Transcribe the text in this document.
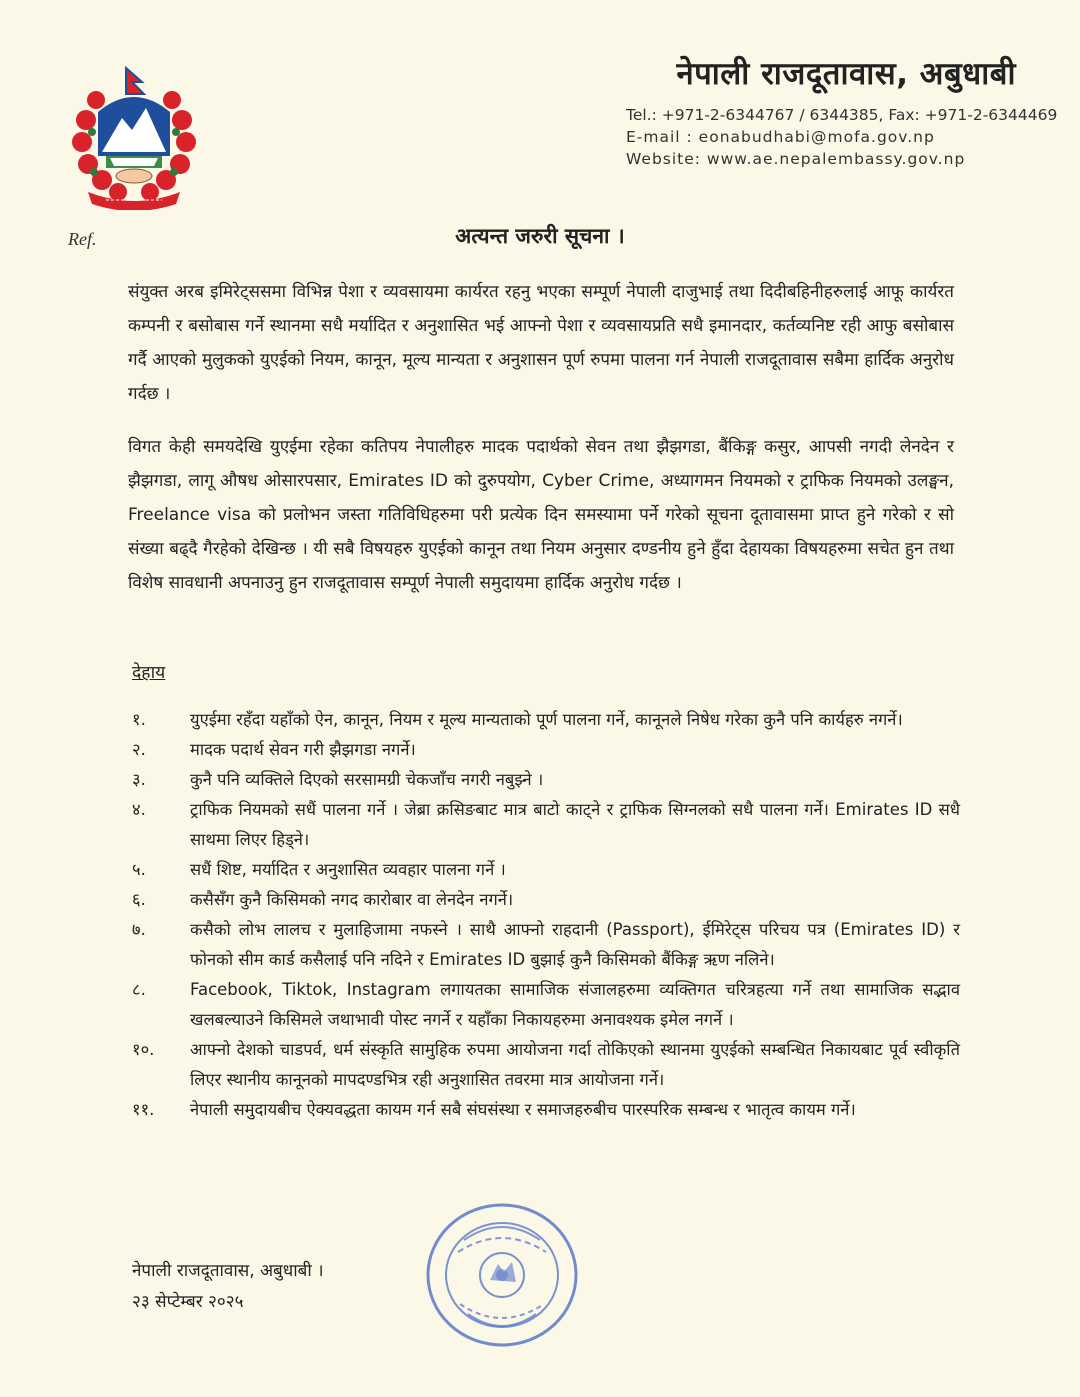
नेपाली राजदूतावास, अबुधाबी
Tel.: +971-2-6344767 / 6344385, Fax: +971-2-6344469
E-mail : eonabudhabi@mofa.gov.np
Website: www.ae.nepalembassy.gov.np
Ref.	अत्यन्त जरुरी सूचना ।
संयुक्त अरब इमिरेट्ससमा विभिन्न पेशा र व्यवसायमा कार्यरत रहनु भएका सम्पूर्ण नेपाली दाजुभाई तथा दिदीबहिनीहरुलाई आफू कार्यरत कम्पनी र बसोबास गर्ने स्थानमा सधै मर्यादित र अनुशासित भई आफ्नो पेशा र व्यवसायप्रति सधै इमानदार, कर्तव्यनिष्ट रही आफु बसोबास गर्दै आएको मुलुकको युएईको नियम, कानून, मूल्य मान्यता र अनुशासन पूर्ण रुपमा पालना गर्न नेपाली राजदूतावास सबैमा हार्दिक अनुरोध गर्दछ ।
विगत केही समयदेखि युएईमा रहेका कतिपय नेपालीहरु मादक पदार्थको सेवन तथा झैझगडा, बैंकिङ्ग कसुर, आपसी नगदी लेनदेन र झैझगडा, लागू औषध ओसारपसार, Emirates ID को दुरुपयोग, Cyber Crime, अध्यागमन नियमको र ट्राफिक नियमको उलङ्घन, Freelance visa को प्रलोभन जस्ता गतिविधिहरुमा परी प्रत्येक दिन समस्यामा पर्ने गरेको सूचना दूतावासमा प्राप्त हुने गरेको र सो संख्या बढ्दै गैरहेको देखिन्छ । यी सबै विषयहरु युएईको कानून तथा नियम अनुसार दण्डनीय हुने हुँदा देहायका विषयहरुमा सचेत हुन तथा विशेष सावधानी अपनाउनु हुन राजदूतावास सम्पूर्ण नेपाली समुदायमा हार्दिक अनुरोध गर्दछ ।
देहाय
१.	युएईमा रहँदा यहाँको ऐन, कानून, नियम र मूल्य मान्यताको पूर्ण पालना गर्ने, कानूनले निषेध गरेका कुनै पनि कार्यहरु नगर्ने।
२.	मादक पदार्थ सेवन गरी झैझगडा नगर्ने।
३.	कुनै पनि व्यक्तिले दिएको सरसामग्री चेकजाँच नगरी नबुझ्ने ।
४.	ट्राफिक नियमको सधैं पालना गर्ने । जेब्रा क्रसिङबाट मात्र बाटो काट्ने र ट्राफिक सिग्नलको सधै पालना गर्ने। Emirates ID सधै साथमा लिएर हिड्ने।
५.	सधैं शिष्ट, मर्यादित र अनुशासित व्यवहार पालना गर्ने ।
६.	कसैसँग कुनै किसिमको नगद कारोबार वा लेनदेन नगर्ने।
७.	कसैको लोभ लालच र मुलाहिजामा नफस्ने । साथै आफ्नो राहदानी (Passport), ईमिरेट्स परिचय पत्र (Emirates ID) र फोनको सीम कार्ड कसैलाई पनि नदिने र Emirates ID बुझाई कुनै किसिमको बैंकिङ्ग ऋण नलिने।
८.	Facebook, Tiktok, Instagram लगायतका सामाजिक संजालहरुमा व्यक्तिगत चरित्रहत्या गर्ने तथा सामाजिक सद्भाव खलबल्याउने किसिमले जथाभावी पोस्ट नगर्ने र यहाँका निकायहरुमा अनावश्यक इमेल नगर्ने ।
१०.	आफ्नो देशको चाडपर्व, धर्म संस्कृति सामुहिक रुपमा आयोजना गर्दा तोकिएको स्थानमा युएईको सम्बन्धित निकायबाट पूर्व स्वीकृति लिएर स्थानीय कानूनको मापदण्डभित्र रही अनुशासित तवरमा मात्र आयोजना गर्ने।
११.	नेपाली समुदायबीच ऐक्यवद्धता कायम गर्न सबै संघसंस्था र समाजहरुबीच पारस्परिक सम्बन्ध र भातृत्व कायम गर्ने।
नेपाली राजदूतावास, अबुधाबी ।
२३ सेप्टेम्बर २०२५
